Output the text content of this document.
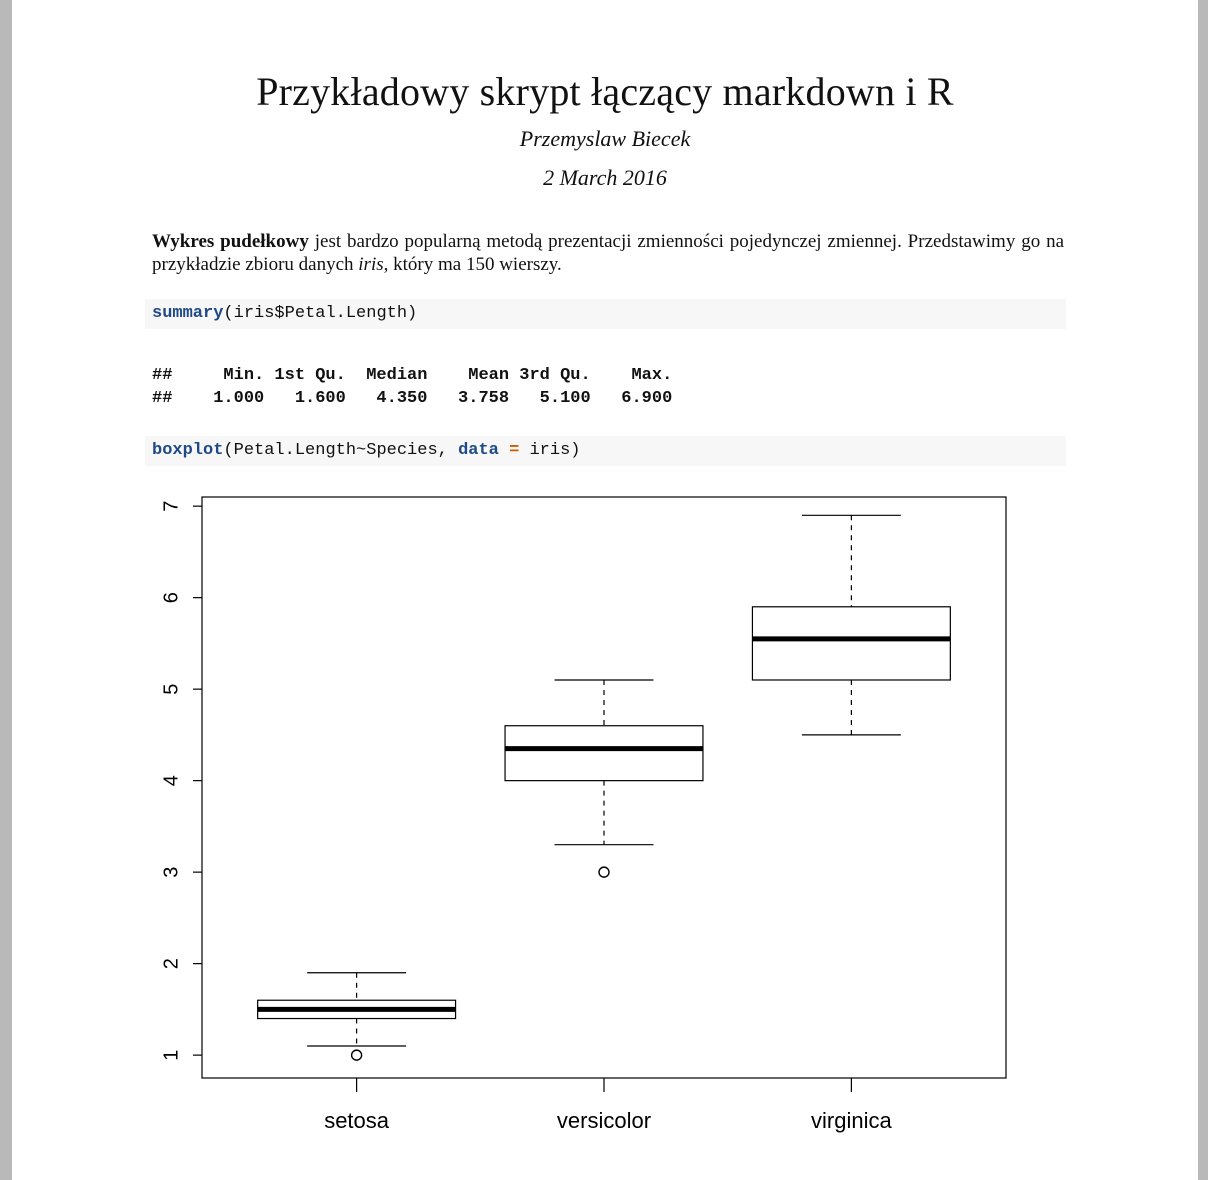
Przykładowy skrypt łączący markdown i R
Przemyslaw Biecek
2 March 2016
Wykres pudełkowy jest bardzo popularną metodą prezentacji zmienności pojedynczej zmiennej. Przedstawimy go na przykładzie zbioru danych iris, który ma 150 wierszy.
summary(iris$Petal.Length)
##     Min. 1st Qu.  Median    Mean 3rd Qu.    Max.
##    1.000   1.600   4.350   3.758   5.100   6.900
boxplot(Petal.Length~Species, data = iris)
1
2
3
4
5
6
7
setosa	versicolor	virginica
